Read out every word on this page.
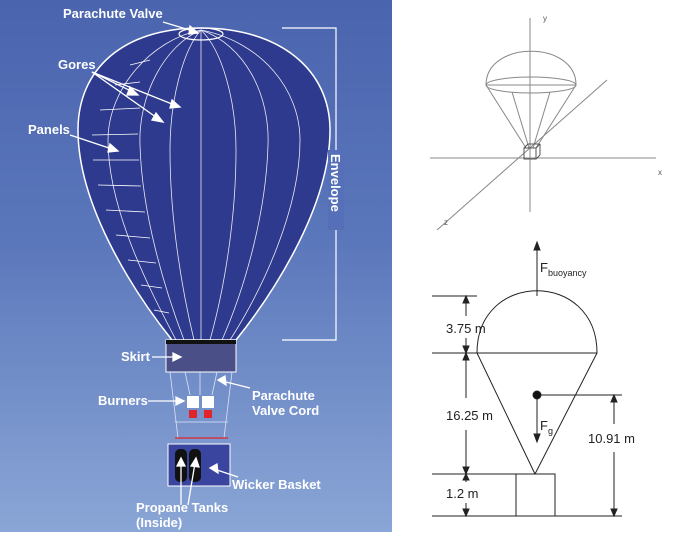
Parachute Valve
Gores
Panels
Envelope
Skirt
Burners	Parachute
Valve Cord
Wicker Basket
Propane Tanks
(Inside)
y
x
z
$F_{buoyancy}$
$F_g$
3.75 m
16.25 m
1.2 m
10.91 m
